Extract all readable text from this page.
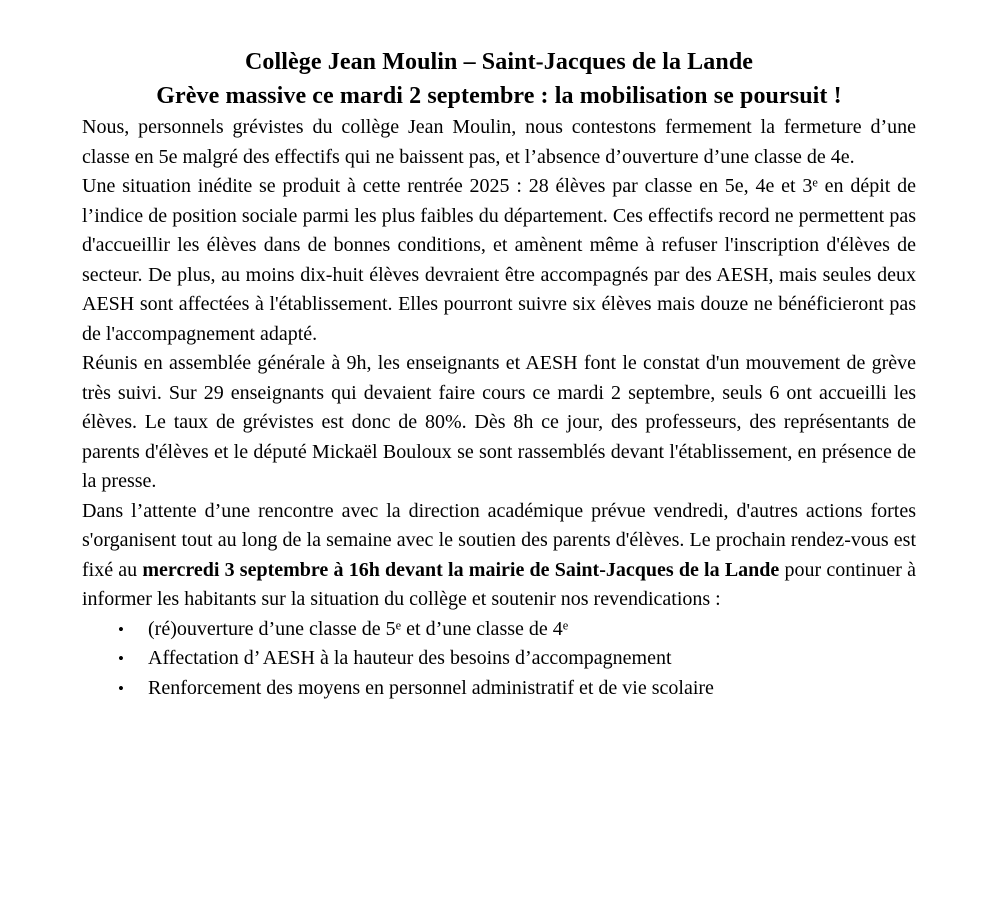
Collège Jean Moulin – Saint-Jacques de la Lande
Grève massive ce mardi 2 septembre : la mobilisation se poursuit !

Nous, personnels grévistes du collège Jean Moulin, nous contestons fermement la fermeture d’une classe en 5e malgré des effectifs qui ne baissent pas, et l’absence d’ouverture d’une classe de 4e.

Une situation inédite se produit à cette rentrée 2025 : 28 élèves par classe en 5e, 4e et 3e en dépit de l’indice de position sociale parmi les plus faibles du département. Ces effectifs record ne permettent pas d'accueillir les élèves dans de bonnes conditions, et amènent même à refuser l'inscription d'élèves de secteur. De plus, au moins dix-huit élèves devraient être accompagnés par des AESH, mais seules deux AESH sont affectées à l'établissement. Elles pourront suivre six élèves mais douze ne bénéficieront pas de l'accompagnement adapté.

Réunis en assemblée générale à 9h, les enseignants et AESH font le constat d'un mouvement de grève très suivi. Sur 29 enseignants qui devaient faire cours ce mardi 2 septembre, seuls 6 ont accueilli les élèves. Le taux de grévistes est donc de 80%. Dès 8h ce jour, des professeurs, des représentants de parents d'élèves et le député Mickaël Bouloux se sont rassemblés devant l'établissement, en présence de la presse.

Dans l’attente d’une rencontre avec la direction académique prévue vendredi, d'autres actions fortes s'organisent tout au long de la semaine avec le soutien des parents d'élèves. Le prochain rendez-vous est fixé au mercredi 3 septembre à 16h devant la mairie de Saint-Jacques de la Lande pour continuer à informer les habitants sur la situation du collège et soutenir nos revendications :

• (ré)ouverture d’une classe de 5e et d’une classe de 4e
• Affectation d’ AESH à la hauteur des besoins d’accompagnement
• Renforcement des moyens en personnel administratif et de vie scolaire
